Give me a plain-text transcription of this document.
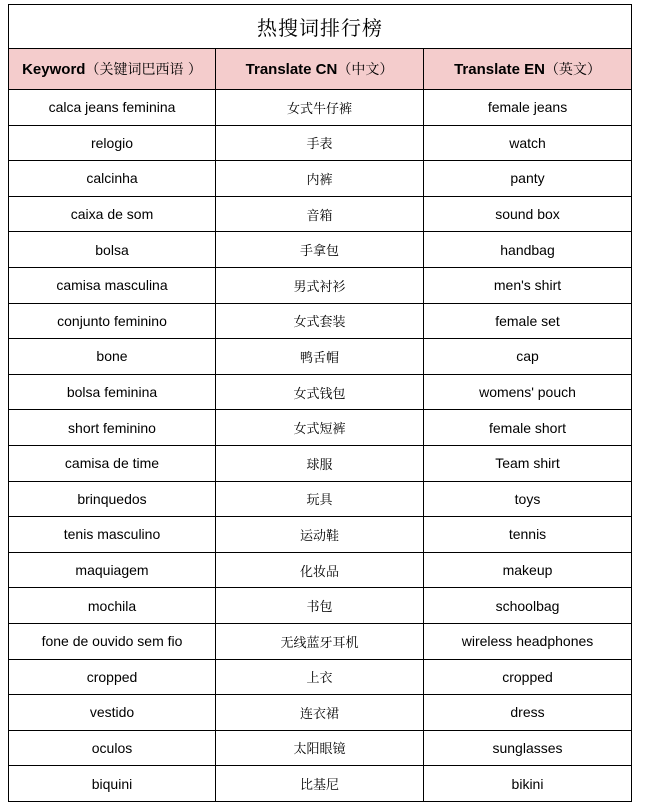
热搜词排行榜		
Keyword（关键词巴西语 ）	Translate CN（中文）	Translate EN（英文）
calca jeans feminina	女式牛仔裤	female jeans
relogio	手表	watch
calcinha	内裤	panty
caixa de som	音箱	sound box
bolsa	手拿包	handbag
camisa masculina	男式衬衫	men's shirt
conjunto feminino	女式套装	female set
bone	鸭舌帽	cap
bolsa feminina	女式钱包	womens' pouch
short feminino	女式短裤	female short
camisa de time	球服	Team shirt
brinquedos	玩具	toys
tenis masculino	运动鞋	tennis
maquiagem	化妆品	makeup
mochila	书包	schoolbag
fone de ouvido sem fio	无线蓝牙耳机	wireless headphones
cropped	上衣	cropped
vestido	连衣裙	dress
oculos	太阳眼镜	sunglasses
biquini	比基尼	bikini
